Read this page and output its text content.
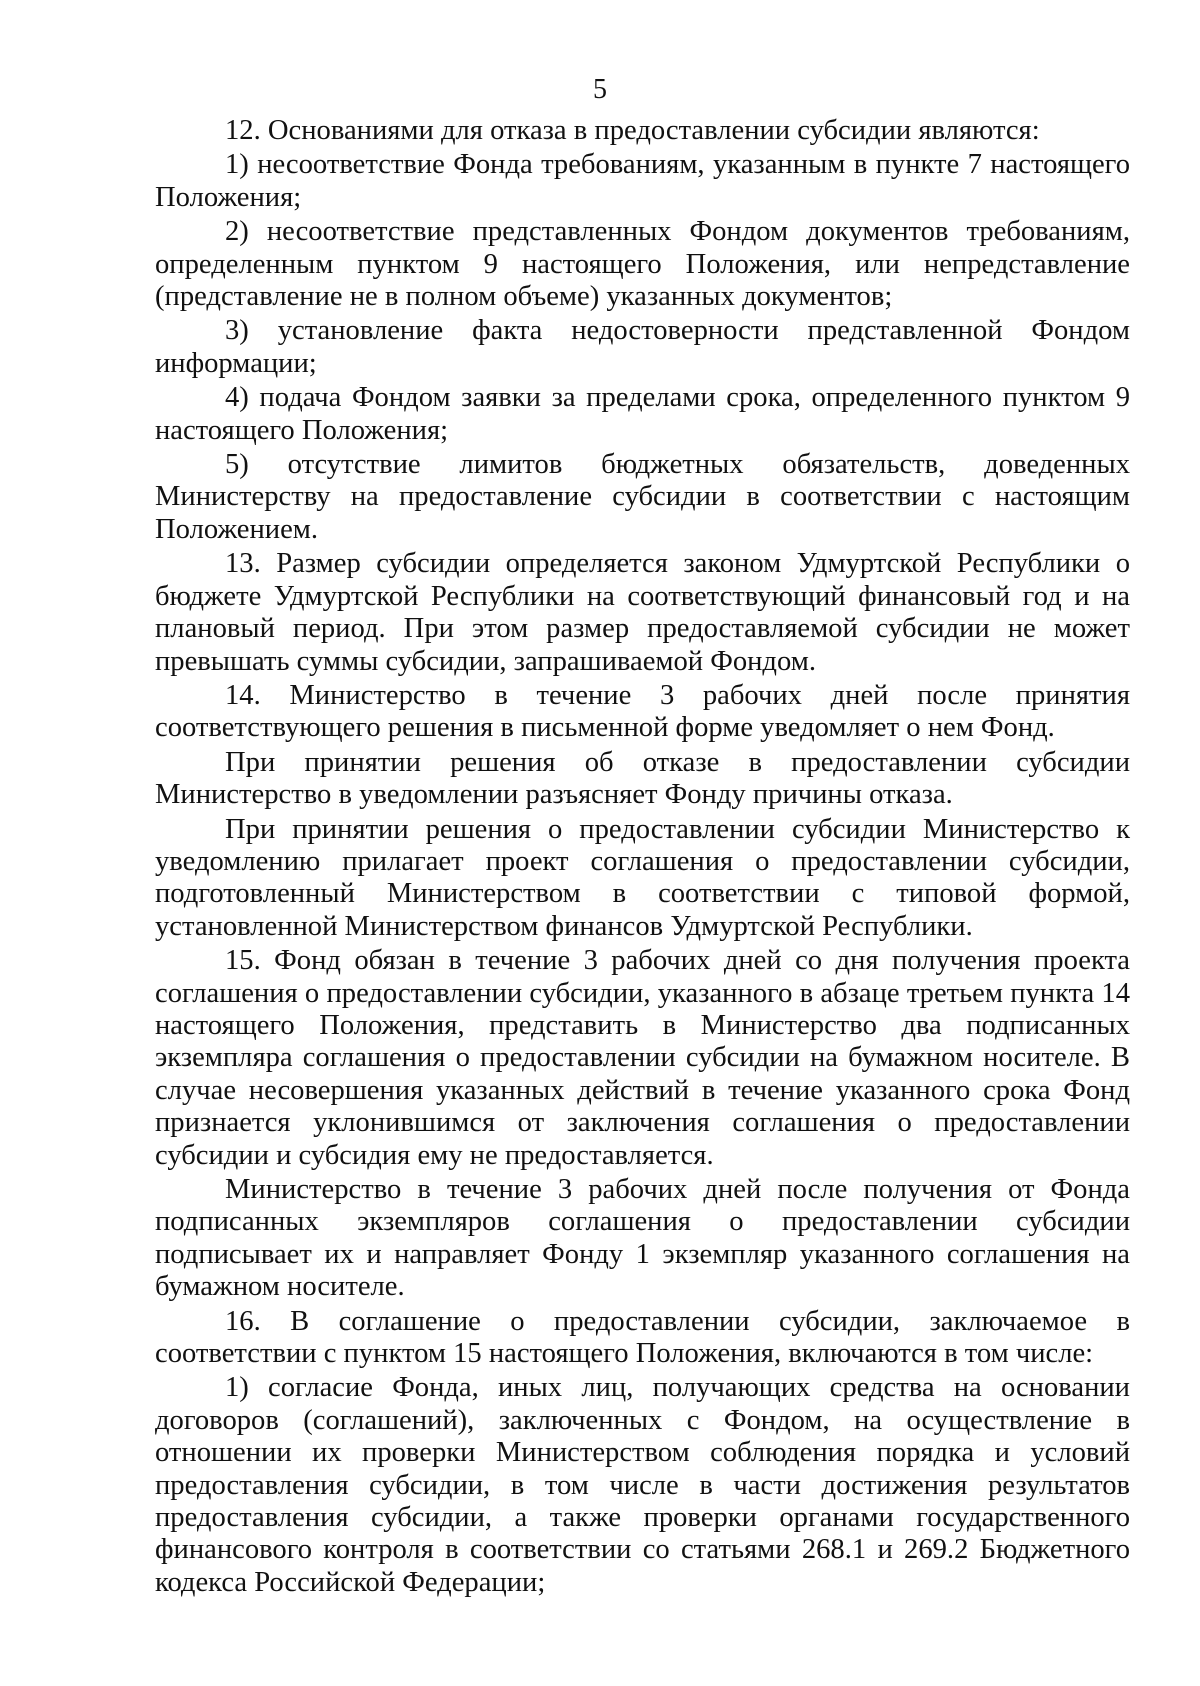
5

12. Основаниями для отказа в предоставлении субсидии являются:

1) несоответствие Фонда требованиям, указанным в пункте 7 настоящего Положения;

2) несоответствие представленных Фондом документов требованиям, определенным пунктом 9 настоящего Положения, или непредставление (представление не в полном объеме) указанных документов;

3) установление факта недостоверности представленной Фондом информации;

4) подача Фондом заявки за пределами срока, определенного пунктом 9 настоящего Положения;

5) отсутствие лимитов бюджетных обязательств, доведенных Министерству на предоставление субсидии в соответствии с настоящим Положением.

13. Размер субсидии определяется законом Удмуртской Республики о бюджете Удмуртской Республики на соответствующий финансовый год и на плановый период. При этом размер предоставляемой субсидии не может превышать суммы субсидии, запрашиваемой Фондом.

14. Министерство в течение 3 рабочих дней после принятия соответствующего решения в письменной форме уведомляет о нем Фонд.

При принятии решения об отказе в предоставлении субсидии Министерство в уведомлении разъясняет Фонду причины отказа.

При принятии решения о предоставлении субсидии Министерство к уведомлению прилагает проект соглашения о предоставлении субсидии, подготовленный Министерством в соответствии с типовой формой, установленной Министерством финансов Удмуртской Республики.

15. Фонд обязан в течение 3 рабочих дней со дня получения проекта соглашения о предоставлении субсидии, указанного в абзаце третьем пункта 14 настоящего Положения, представить в Министерство два подписанных экземпляра соглашения о предоставлении субсидии на бумажном носителе. В случае несовершения указанных действий в течение указанного срока Фонд признается уклонившимся от заключения соглашения о предоставлении субсидии и субсидия ему не предоставляется.

Министерство в течение 3 рабочих дней после получения от Фонда подписанных экземпляров соглашения о предоставлении субсидии подписывает их и направляет Фонду 1 экземпляр указанного соглашения на бумажном носителе.

16. В соглашение о предоставлении субсидии, заключаемое в соответствии с пунктом 15 настоящего Положения, включаются в том числе:

1) согласие Фонда, иных лиц, получающих средства на основании договоров (соглашений), заключенных с Фондом, на осуществление в отношении их проверки Министерством соблюдения порядка и условий предоставления субсидии, в том числе в части достижения результатов предоставления субсидии, а также проверки органами государственного финансового контроля в соответствии со статьями 268.1 и 269.2 Бюджетного кодекса Российской Федерации;
